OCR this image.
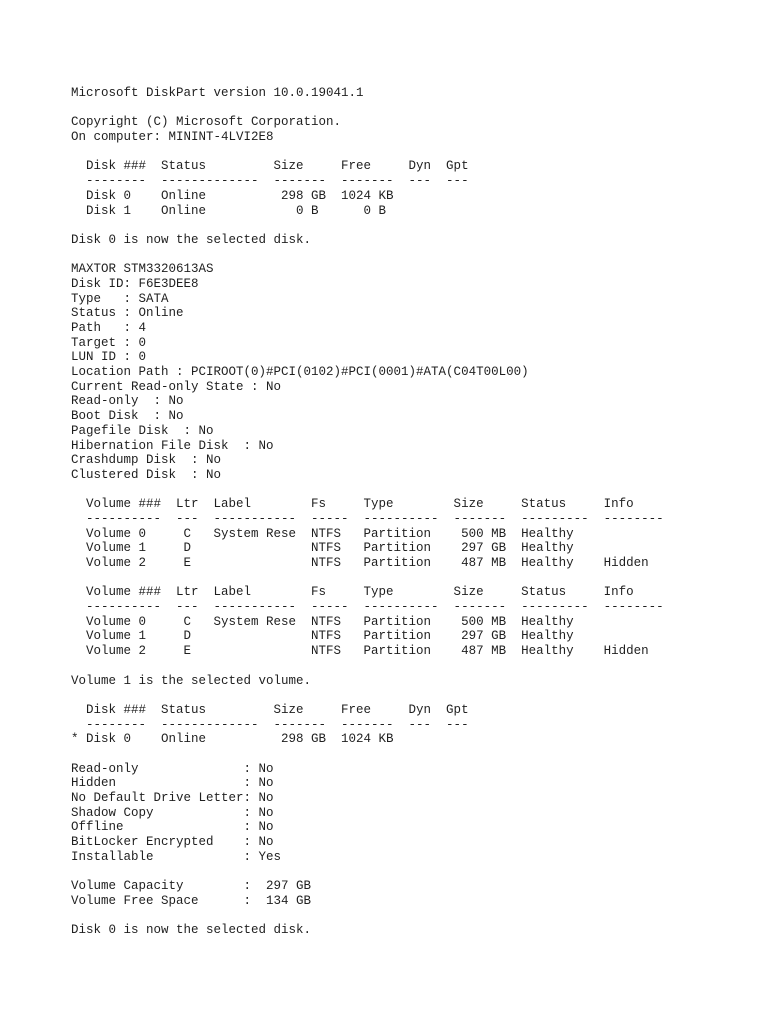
Microsoft DiskPart version 10.0.19041.1
Copyright (C) Microsoft Corporation.
On computer: MININT-4LVI2E8
Disk ###  Status         Size     Free     Dyn  Gpt
--------  -------------  -------  -------  ---  ---
Disk 0    Online          298 GB  1024 KB
Disk 1    Online            0 B      0 B
Disk 0 is now the selected disk.
MAXTOR STM3320613AS
Disk ID: F6E3DEE8
Type   : SATA
Status : Online
Path   : 4
Target : 0
LUN ID : 0
Location Path : PCIROOT(0)#PCI(0102)#PCI(0001)#ATA(C04T00L00)
Current Read-only State : No
Read-only  : No
Boot Disk  : No
Pagefile Disk  : No
Hibernation File Disk  : No
Crashdump Disk  : No
Clustered Disk  : No
Volume ###  Ltr  Label        Fs     Type        Size     Status     Info
----------  ---  -----------  -----  ----------  -------  ---------  --------
Volume 0     C   System Rese  NTFS   Partition    500 MB  Healthy
Volume 1     D                NTFS   Partition    297 GB  Healthy
Volume 2     E                NTFS   Partition    487 MB  Healthy    Hidden
Volume ###  Ltr  Label        Fs     Type        Size     Status     Info
----------  ---  -----------  -----  ----------  -------  ---------  --------
Volume 0     C   System Rese  NTFS   Partition    500 MB  Healthy
Volume 1     D                NTFS   Partition    297 GB  Healthy
Volume 2     E                NTFS   Partition    487 MB  Healthy    Hidden
Volume 1 is the selected volume.
Disk ###  Status         Size     Free     Dyn  Gpt
--------  -------------  -------  -------  ---  ---
* Disk 0    Online          298 GB  1024 KB
Read-only              : No
Hidden                 : No
No Default Drive Letter: No
Shadow Copy            : No
Offline                : No
BitLocker Encrypted    : No
Installable            : Yes
Volume Capacity        :  297 GB
Volume Free Space      :  134 GB
Disk 0 is now the selected disk.
